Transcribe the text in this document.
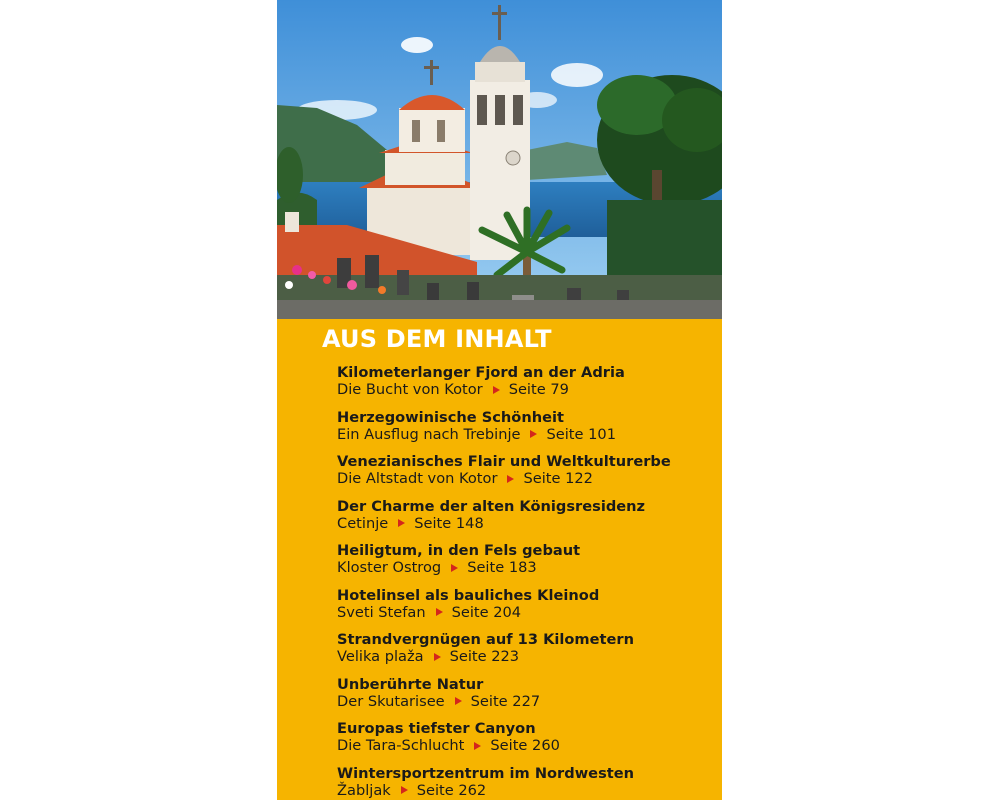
AUS DEM INHALT
Kilometerlanger Fjord an der Adria
Die Bucht von Kotor Seite 79
Herzegowinische Schönheit
Ein Ausflug nach Trebinje Seite 101
Venezianisches Flair und Weltkulturerbe
Die Altstadt von Kotor Seite 122
Der Charme der alten Königsresidenz
Cetinje Seite 148
Heiligtum, in den Fels gebaut
Kloster Ostrog Seite 183
Hotelinsel als bauliches Kleinod
Sveti Stefan Seite 204
Strandvergnügen auf 13 Kilometern
Velika plaža Seite 223
Unberührte Natur
Der Skutarisee Seite 227
Europas tiefster Canyon
Die Tara-Schlucht Seite 260
Wintersportzentrum im Nordwesten
Žabljak Seite 262
